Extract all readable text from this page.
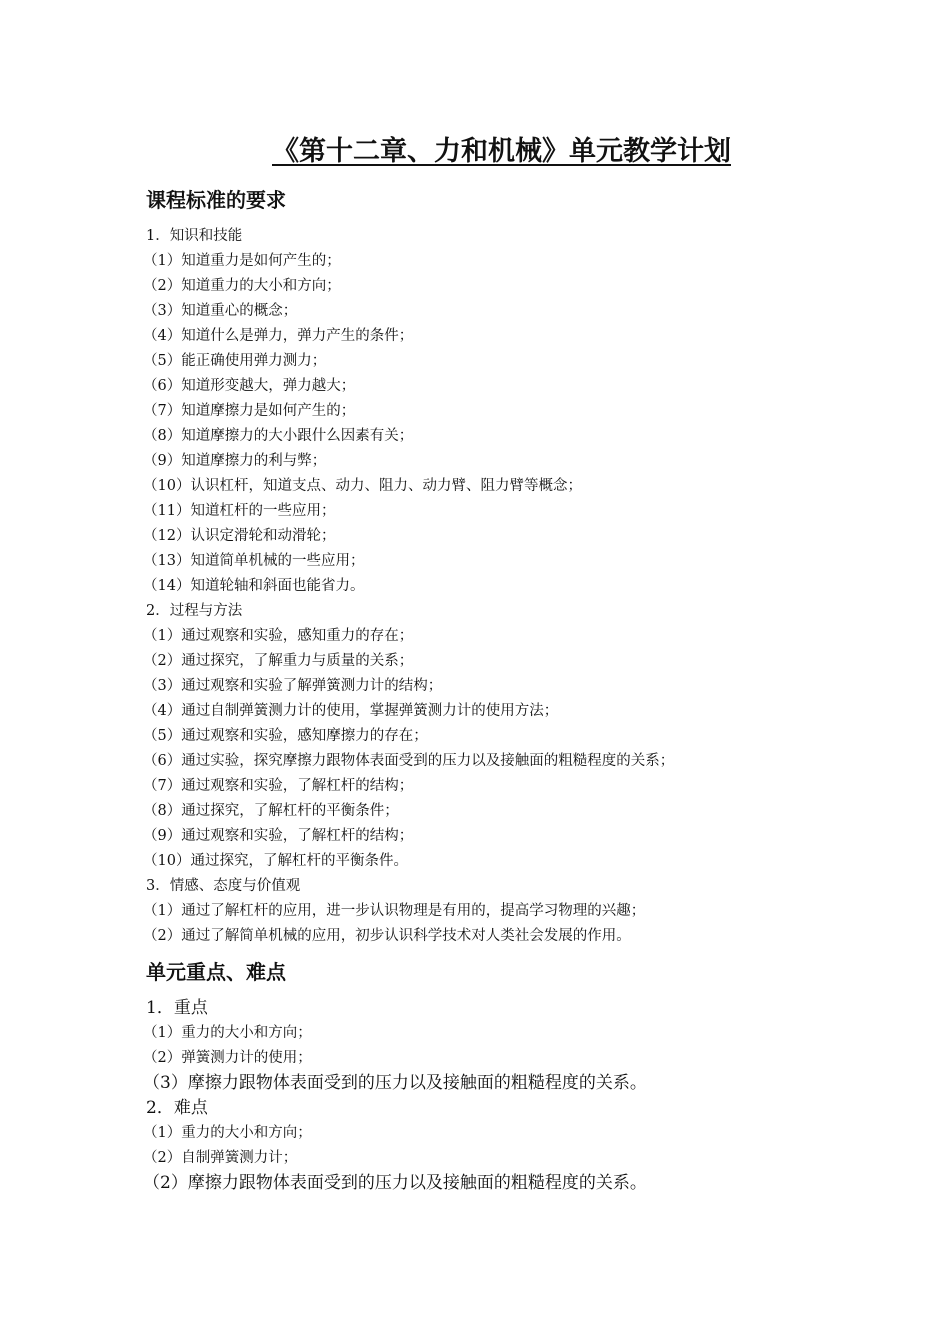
《第十二章、力和机械》单元教学计划
课程标准的要求
1．知识和技能
（1）知道重力是如何产生的；
（2）知道重力的大小和方向；
（3）知道重心的概念；
（4）知道什么是弹力，弹力产生的条件；
（5）能正确使用弹力测力；
（6）知道形变越大，弹力越大；
（7）知道摩擦力是如何产生的；
（8）知道摩擦力的大小跟什么因素有关；
（9）知道摩擦力的利与弊；
（10）认识杠杆，知道支点、动力、阻力、动力臂、阻力臂等概念；
（11）知道杠杆的一些应用；
（12）认识定滑轮和动滑轮；
（13）知道简单机械的一些应用；
（14）知道轮轴和斜面也能省力。
2．过程与方法
（1）通过观察和实验，感知重力的存在；
（2）通过探究，了解重力与质量的关系；
（3）通过观察和实验了解弹簧测力计的结构；
（4）通过自制弹簧测力计的使用，掌握弹簧测力计的使用方法；
（5）通过观察和实验，感知摩擦力的存在；
（6）通过实验，探究摩擦力跟物体表面受到的压力以及接触面的粗糙程度的关系；
（7）通过观察和实验，了解杠杆的结构；
（8）通过探究，了解杠杆的平衡条件；
（9）通过观察和实验，了解杠杆的结构；
（10）通过探究，了解杠杆的平衡条件。
3．情感、态度与价值观
（1）通过了解杠杆的应用，进一步认识物理是有用的，提高学习物理的兴趣；
（2）通过了解简单机械的应用，初步认识科学技术对人类社会发展的作用。
单元重点、难点
1．重点
（1）重力的大小和方向；
（2）弹簧测力计的使用；
（3）摩擦力跟物体表面受到的压力以及接触面的粗糙程度的关系。
2．难点
（1）重力的大小和方向；
（2）自制弹簧测力计；
（2）摩擦力跟物体表面受到的压力以及接触面的粗糙程度的关系。
